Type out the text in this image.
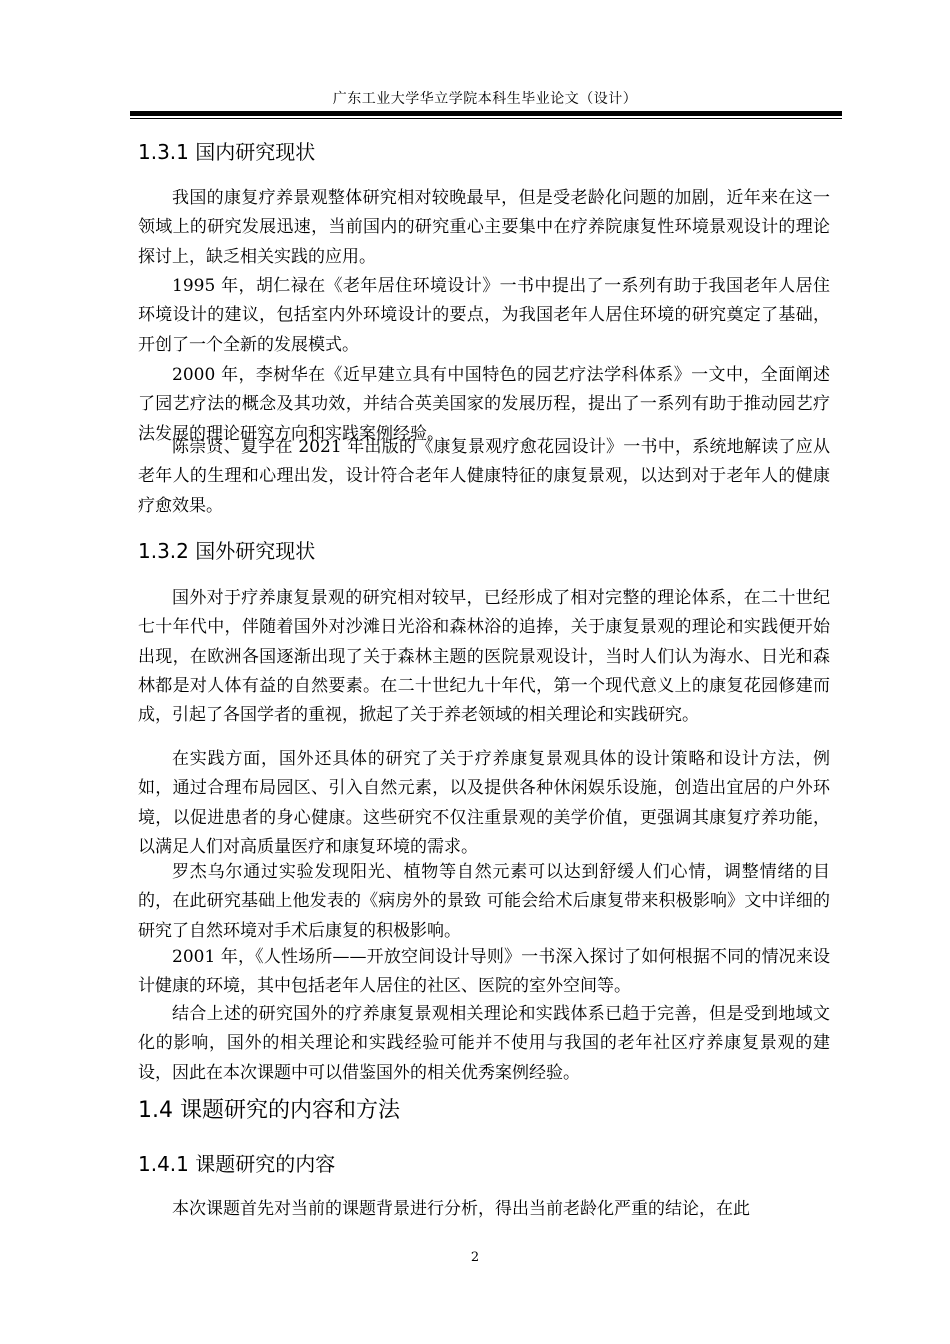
广东工业大学华立学院本科生毕业论文（设计）
1.3.1 国内研究现状
我国的康复疗养景观整体研究相对较晚最早，但是受老龄化问题的加剧，近年来在这一领域上的研究发展迅速，当前国内的研究重心主要集中在疗养院康复性环境景观设计的理论探讨上，缺乏相关实践的应用。
1995 年，胡仁禄在《老年居住环境设计》一书中提出了一系列有助于我国老年人居住环境设计的建议，包括室内外环境设计的要点，为我国老年人居住环境的研究奠定了基础，开创了一个全新的发展模式。
2000 年，李树华在《近早建立具有中国特色的园艺疗法学科体系》一文中，全面阐述了园艺疗法的概念及其功效，并结合英美国家的发展历程，提出了一系列有助于推动园艺疗法发展的理论研究方向和实践案例经验。
陈崇贤、夏宇在 2021 年出版的《康复景观疗愈花园设计》一书中，系统地解读了应从老年人的生理和心理出发，设计符合老年人健康特征的康复景观，以达到对于老年人的健康疗愈效果。
1.3.2 国外研究现状
国外对于疗养康复景观的研究相对较早，已经形成了相对完整的理论体系，在二十世纪七十年代中，伴随着国外对沙滩日光浴和森林浴的追捧，关于康复景观的理论和实践便开始出现，在欧洲各国逐渐出现了关于森林主题的医院景观设计，当时人们认为海水、日光和森林都是对人体有益的自然要素。在二十世纪九十年代，第一个现代意义上的康复花园修建而成，引起了各国学者的重视，掀起了关于养老领域的相关理论和实践研究。
在实践方面，国外还具体的研究了关于疗养康复景观具体的设计策略和设计方法，例如，通过合理布局园区、引入自然元素，以及提供各种休闲娱乐设施，创造出宜居的户外环境，以促进患者的身心健康。这些研究不仅注重景观的美学价值，更强调其康复疗养功能，以满足人们对高质量医疗和康复环境的需求。
罗杰乌尔通过实验发现阳光、植物等自然元素可以达到舒缓人们心情，调整情绪的目的，在此研究基础上他发表的《病房外的景致 可能会给术后康复带来积极影响》文中详细的研究了自然环境对手术后康复的积极影响。
2001 年，《人性场所——开放空间设计导则》一书深入探讨了如何根据不同的情况来设计健康的环境，其中包括老年人居住的社区、医院的室外空间等。
结合上述的研究国外的疗养康复景观相关理论和实践体系已趋于完善，但是受到地域文化的影响，国外的相关理论和实践经验可能并不使用与我国的老年社区疗养康复景观的建设，因此在本次课题中可以借鉴国外的相关优秀案例经验。
1.4 课题研究的内容和方法
1.4.1 课题研究的内容
本次课题首先对当前的课题背景进行分析，得出当前老龄化严重的结论，在此
2
